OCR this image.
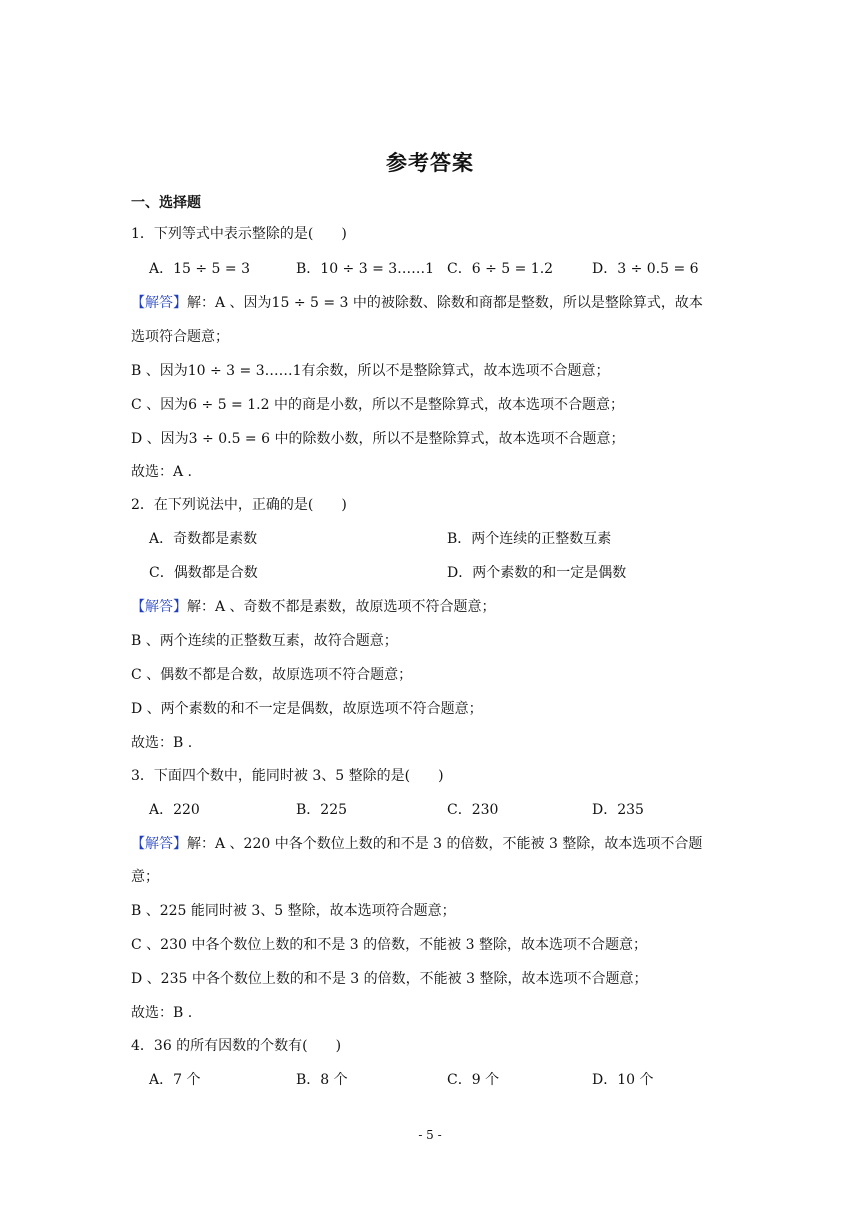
参考答案
一、选择题
1．下列等式中表示整除的是(  )
A．15 ÷ 5 = 3	B．10 ÷ 3 = 3……1 C．6 ÷ 5 = 1.2	D．3 ÷ 0.5 = 6
【解答】解：A 、因为15 ÷ 5 = 3 中的被除数、除数和商都是整数，所以是整除算式，故本
选项符合题意；
B 、因为10 ÷ 3 = 3……1有余数，所以不是整除算式，故本选项不合题意；
C 、因为6 ÷ 5 = 1.2 中的商是小数，所以不是整除算式，故本选项不合题意；
D 、因为3 ÷ 0.5 = 6 中的除数小数，所以不是整除算式，故本选项不合题意；
故选：A .
2．在下列说法中，正确的是(  )
A．奇数都是素数	B．两个连续的正整数互素
C．偶数都是合数	D．两个素数的和一定是偶数
【解答】解：A 、奇数不都是素数，故原选项不符合题意；
B 、两个连续的正整数互素，故符合题意；
C 、偶数不都是合数，故原选项不符合题意；
D 、两个素数的和不一定是偶数，故原选项不符合题意；
故选：B .
3．下面四个数中，能同时被 3、5 整除的是(  )
A．220	B．225	C．230	D．235
【解答】解：A 、220 中各个数位上数的和不是 3 的倍数，不能被 3 整除，故本选项不合题
意；
B 、225 能同时被 3、5 整除，故本选项符合题意；
C 、230 中各个数位上数的和不是 3 的倍数，不能被 3 整除，故本选项不合题意；
D 、235 中各个数位上数的和不是 3 的倍数，不能被 3 整除，故本选项不合题意；
故选：B .
4．36 的所有因数的个数有(  )
A．7 个	B．8 个	C．9 个	D．10 个
- 5 -
